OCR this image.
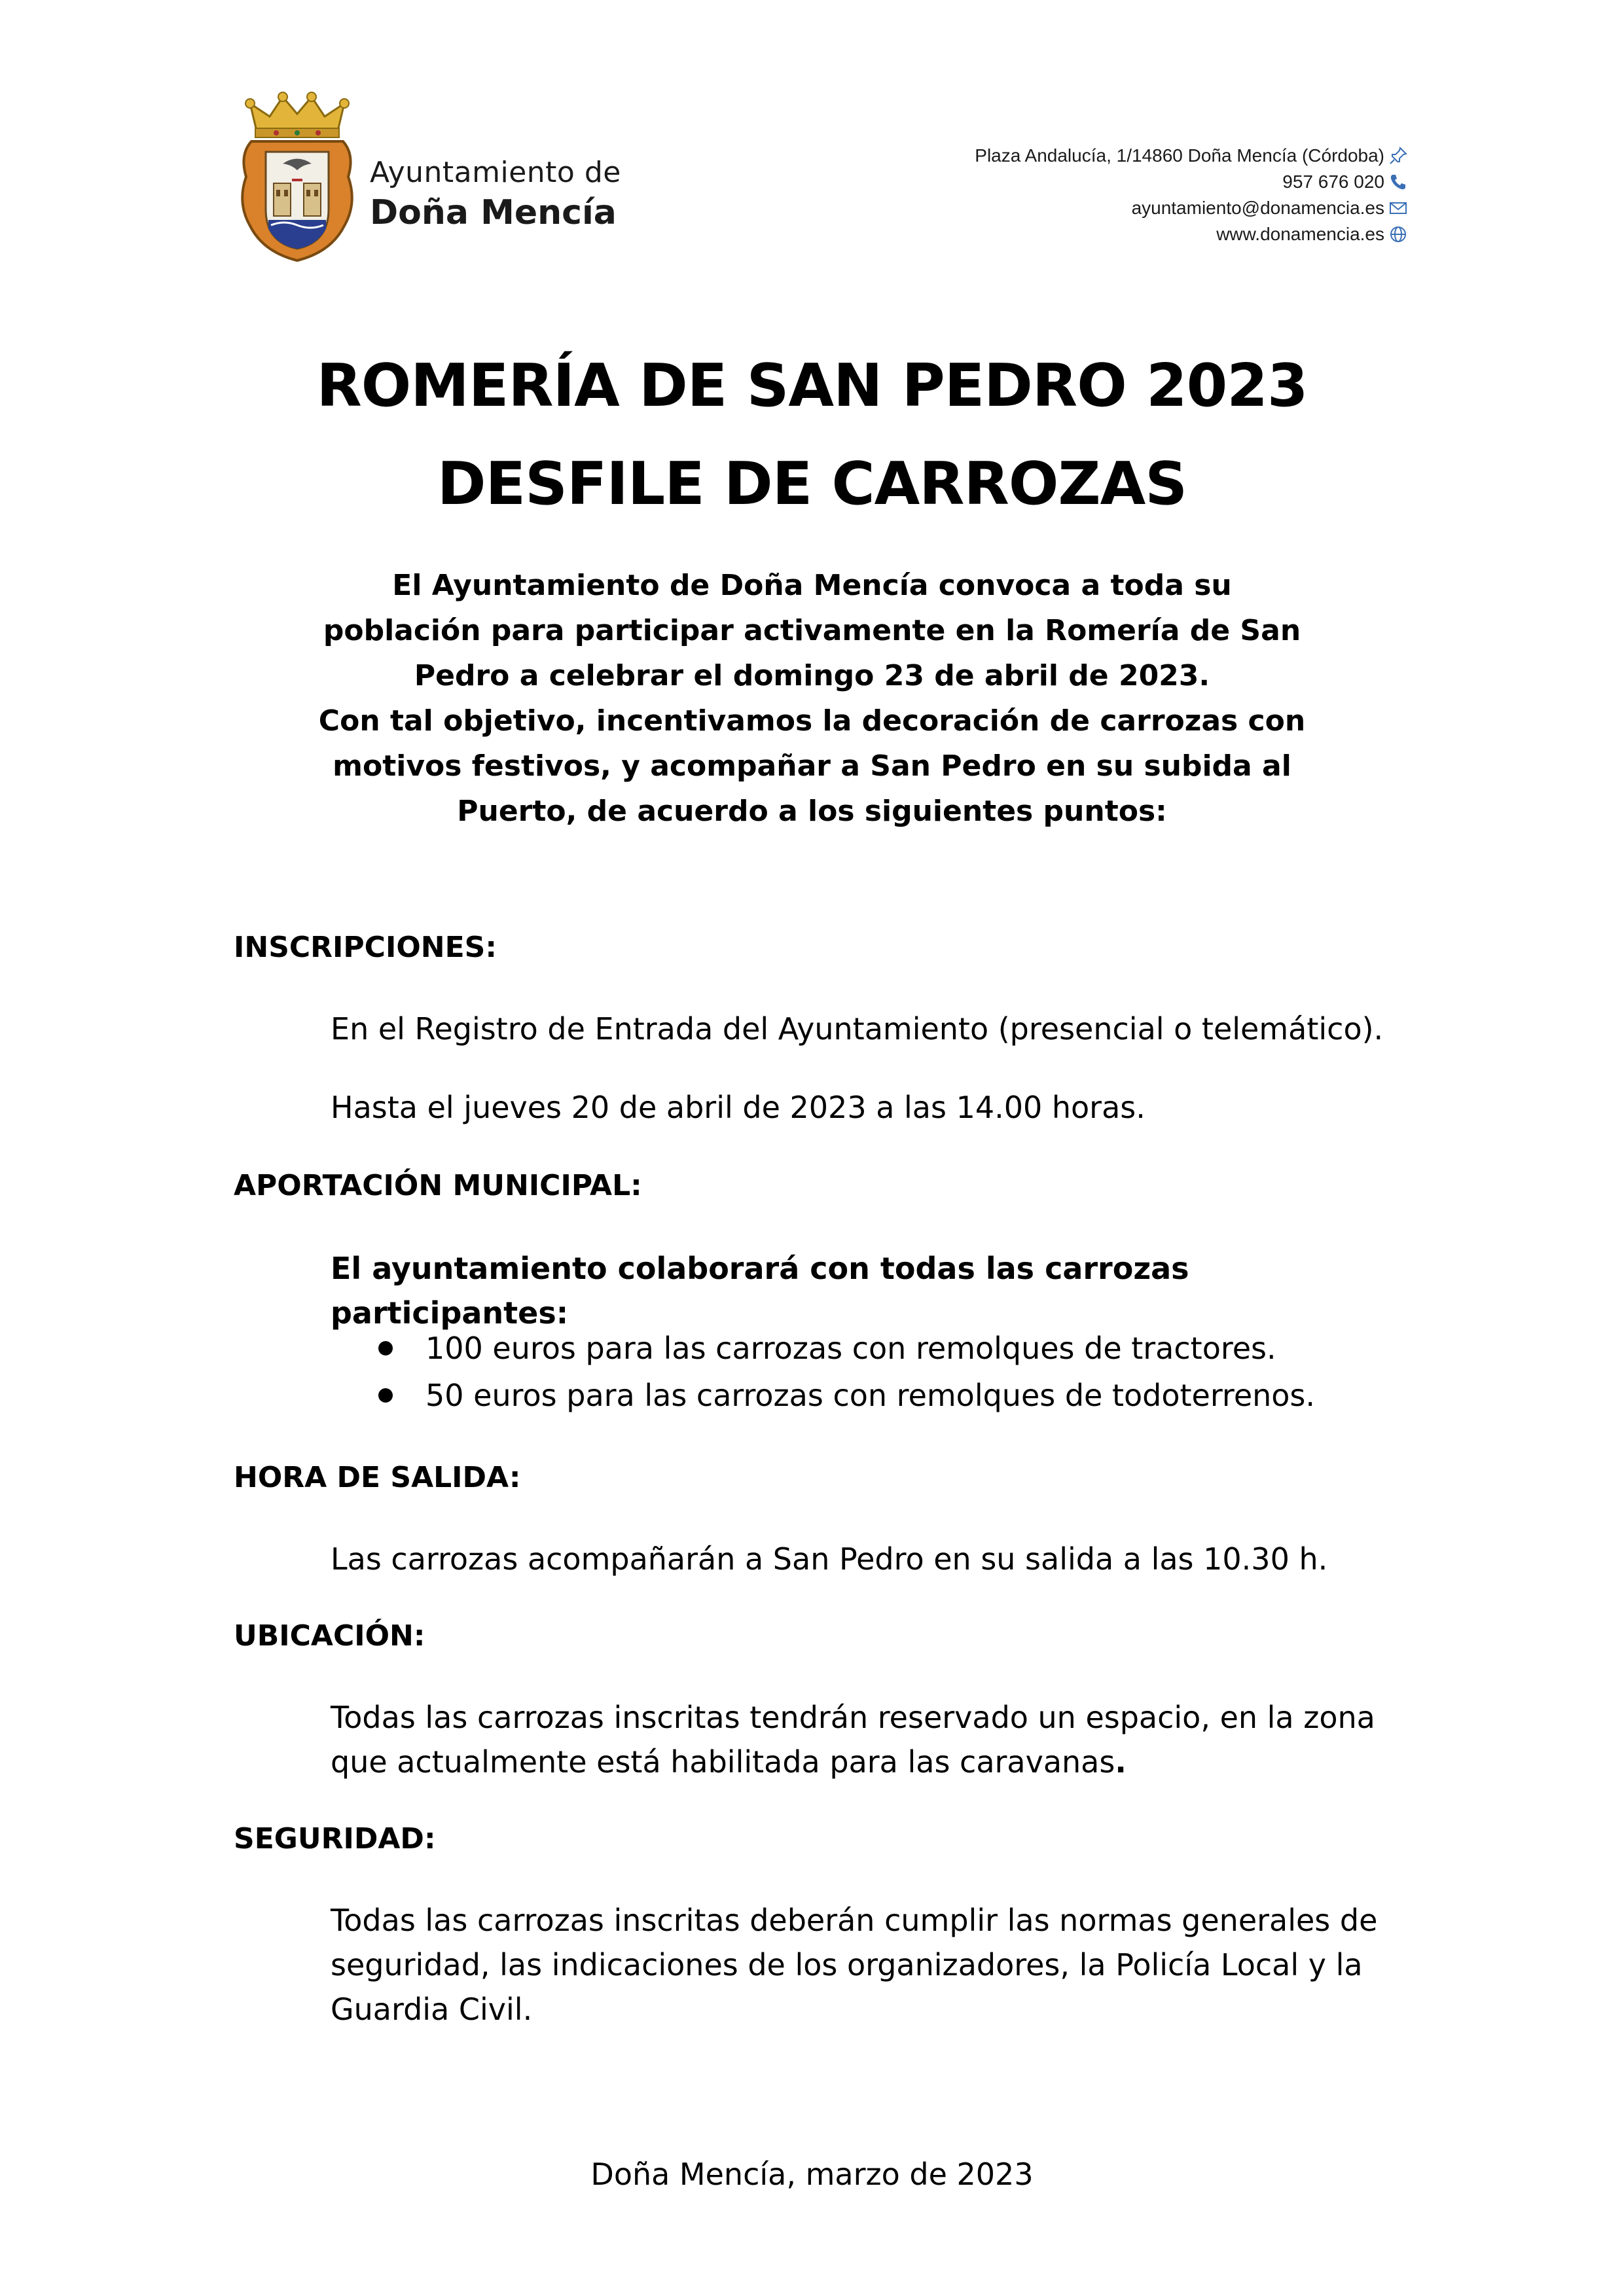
Ayuntamiento de
Doña Mencía
Plaza Andalucía, 1/14860 Doña Mencía (Córdoba)
957 676 020
ayuntamiento@donamencia.es
www.donamencia.es
ROMERÍA DE SAN PEDRO 2023
DESFILE DE CARROZAS
El Ayuntamiento de Doña Mencía convoca a toda su
población para participar activamente en la Romería de San
Pedro a celebrar el domingo 23 de abril de 2023.
Con tal objetivo, incentivamos la decoración de carrozas con
motivos festivos, y acompañar a San Pedro en su subida al
Puerto, de acuerdo a los siguientes puntos:
INSCRIPCIONES:
En el Registro de Entrada del Ayuntamiento (presencial o telemático).
Hasta el jueves 20 de abril de 2023 a las 14.00 horas.
APORTACIÓN MUNICIPAL:
El ayuntamiento colaborará con todas las carrozas participantes:
100 euros para las carrozas con remolques de tractores.
50 euros para las carrozas con remolques de todoterrenos.
HORA DE SALIDA:
Las carrozas acompañarán a San Pedro en su salida a las 10.30 h.
UBICACIÓN:
Todas las carrozas inscritas tendrán reservado un espacio, en la zona
que actualmente está habilitada para las caravanas.
SEGURIDAD:
Todas las carrozas inscritas deberán cumplir las normas generales de
seguridad, las indicaciones de los organizadores, la Policía Local y la
Guardia Civil.
Doña Mencía, marzo de 2023
